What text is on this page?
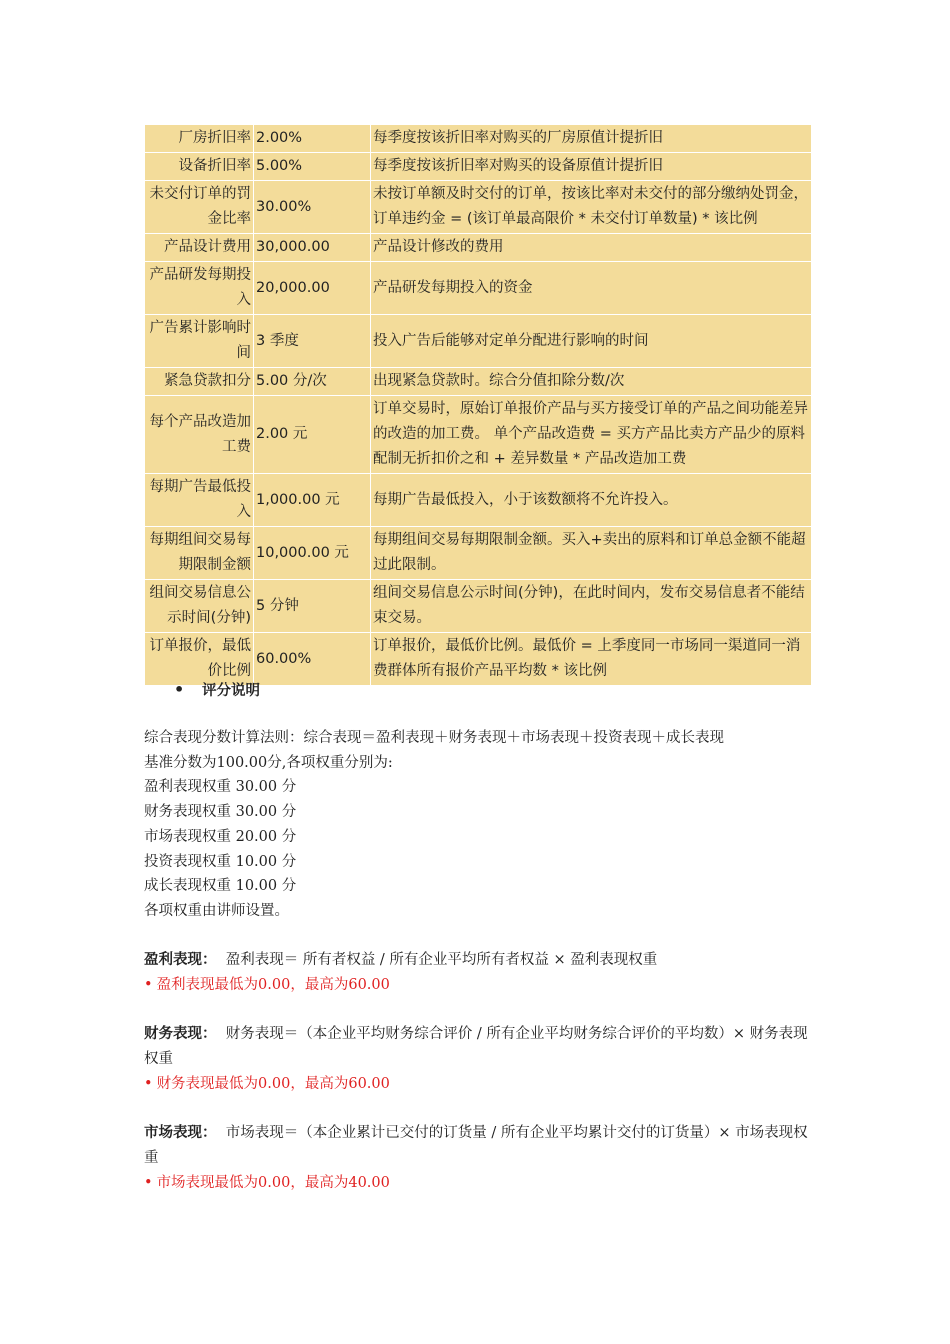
厂房折旧率	2.00%	每季度按该折旧率对购买的厂房原值计提折旧
设备折旧率	5.00%	每季度按该折旧率对购买的设备原值计提折旧
未交付订单的罚金比率	30.00%	未按订单额及时交付的订单，按该比率对未交付的部分缴纳处罚金，订单违约金 = (该订单最高限价 * 未交付订单数量) * 该比例
产品设计费用	30,000.00	产品设计修改的费用
产品研发每期投入	20,000.00	产品研发每期投入的资金
广告累计影响时间	3 季度	投入广告后能够对定单分配进行影响的时间
紧急贷款扣分	5.00 分/次	出现紧急贷款时。综合分值扣除分数/次
每个产品改造加工费	2.00 元	订单交易时，原始订单报价产品与买方接受订单的产品之间功能差异的改造的加工费。 单个产品改造费 = 买方产品比卖方产品少的原料配制无折扣价之和 + 差异数量 * 产品改造加工费
每期广告最低投入	1,000.00 元	每期广告最低投入，小于该数额将不允许投入。
每期组间交易每期限制金额	10,000.00 元	每期组间交易每期限制金额。买入+卖出的原料和订单总金额不能超过此限制。
组间交易信息公示时间(分钟)	5 分钟	组间交易信息公示时间(分钟)，在此时间内，发布交易信息者不能结束交易。
订单报价，最低价比例	60.00%	订单报价，最低价比例。最低价 = 上季度同一市场同一渠道同一消费群体所有报价产品平均数 * 该比例
• 评分说明

综合表现分数计算法则：综合表现＝盈利表现＋财务表现＋市场表现＋投资表现＋成长表现

基准分数为100.00分,各项权重分别为:

盈利表现权重 30.00 分

财务表现权重 30.00 分

市场表现权重 20.00 分

投资表现权重 10.00 分

成长表现权重 10.00 分

各项权重由讲师设置。

盈利表现： 盈利表现＝ 所有者权益 / 所有企业平均所有者权益 × 盈利表现权重

• 盈利表现最低为0.00，最高为60.00

财务表现： 财务表现＝（本企业平均财务综合评价 / 所有企业平均财务综合评价的平均数）× 财务表现权重

• 财务表现最低为0.00，最高为60.00

市场表现： 市场表现＝（本企业累计已交付的订货量 / 所有企业平均累计交付的订货量）× 市场表现权重

• 市场表现最低为0.00，最高为40.00
